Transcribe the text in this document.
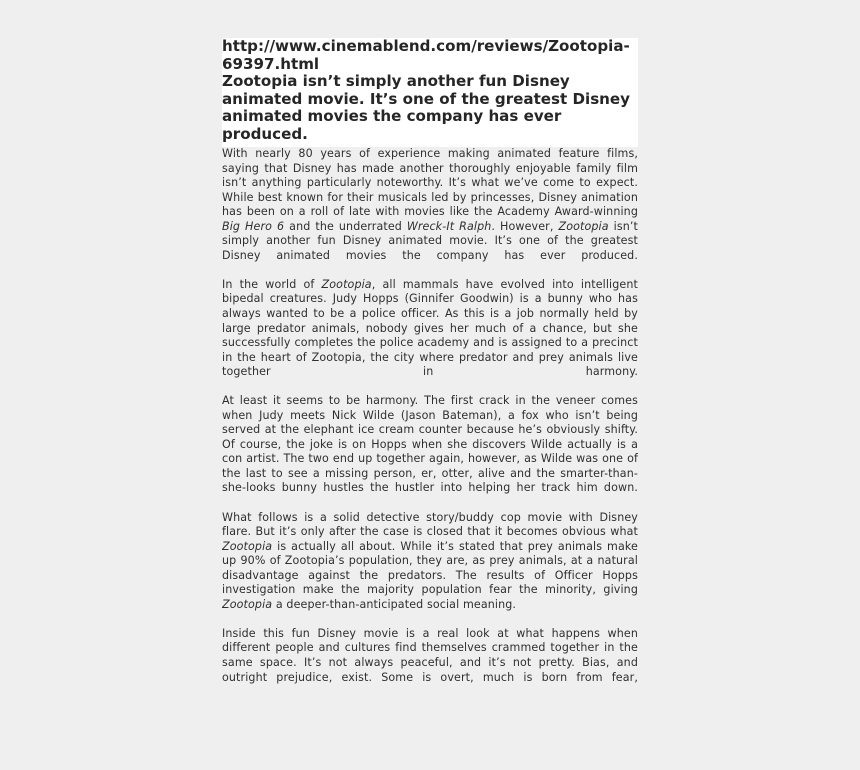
http://www.cinemablend.com/reviews/Zootopia-69397.html
Zootopia isn’t simply another fun Disney animated movie. It’s one of the greatest Disney animated movies the company has ever produced.

With nearly 80 years of experience making animated feature films, saying that Disney has made another thoroughly enjoyable family film isn’t anything particularly noteworthy. It’s what we’ve come to expect. While best known for their musicals led by princesses, Disney animation has been on a roll of late with movies like the Academy Award-winning Big Hero 6 and the underrated Wreck-It Ralph. However, Zootopia isn’t simply another fun Disney animated movie. It’s one of the greatest Disney animated movies the company has ever produced.

In the world of Zootopia, all mammals have evolved into intelligent bipedal creatures. Judy Hopps (Ginnifer Goodwin) is a bunny who has always wanted to be a police officer. As this is a job normally held by large predator animals, nobody gives her much of a chance, but she successfully completes the police academy and is assigned to a precinct in the heart of Zootopia, the city where predator and prey animals live together in harmony.

At least it seems to be harmony. The first crack in the veneer comes when Judy meets Nick Wilde (Jason Bateman), a fox who isn’t being served at the elephant ice cream counter because he’s obviously shifty. Of course, the joke is on Hopps when she discovers Wilde actually is a con artist. The two end up together again, however, as Wilde was one of the last to see a missing person, er, otter, alive and the smarter-than-she-looks bunny hustles the hustler into helping her track him down.

What follows is a solid detective story/buddy cop movie with Disney flare. But it’s only after the case is closed that it becomes obvious what Zootopia is actually all about. While it’s stated that prey animals make up 90% of Zootopia’s population, they are, as prey animals, at a natural disadvantage against the predators. The results of Officer Hopps investigation make the majority population fear the minority, giving Zootopia a deeper-than-anticipated social meaning.

Inside this fun Disney movie is a real look at what happens when different people and cultures find themselves crammed together in the same space. It’s not always peaceful, and it’s not pretty. Bias, and outright prejudice, exist. Some is overt, much is born from fear,
